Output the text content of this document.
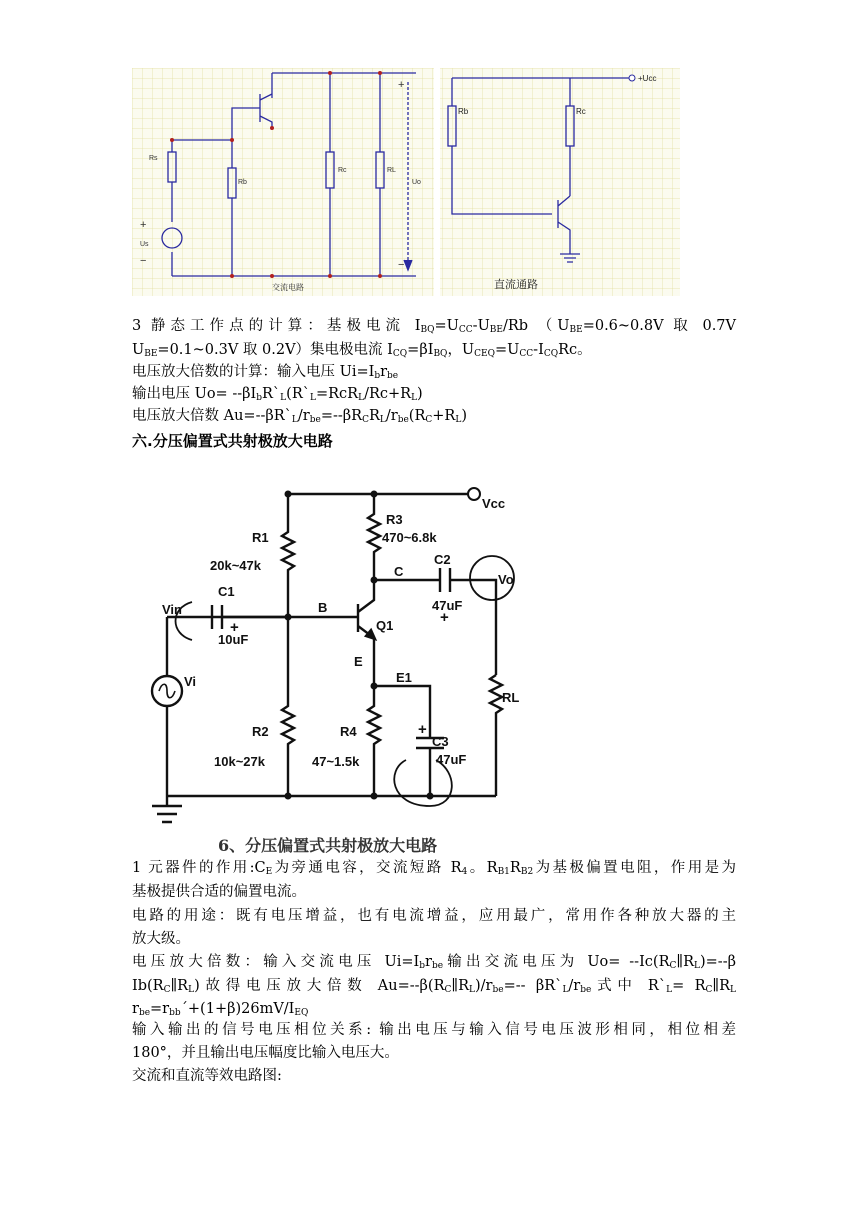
Rs
Rb
Rc	RL
Us
Uo
+
−
+
−
交流电路
+Ucc
Rb	Rc
直流通路
3 静态工作点的计算：基极电流 $I_{BQ}=U_{CC}-U_{BE}/Rb$ （$U_{BE}=0.6\sim 0.8V$ 取 0.7V
$U_{BE}=0.1\sim 0.3V$ 取 0.2V）集电极电流 $I_{CQ}=\beta I_{BQ}$，$U_{CEQ}=U_{CC}-I_{CQ}Rc$。
电压放大倍数的计算：输入电压 $Ui=I_br_{be}$
输出电压 $Uo= --\beta I_bR`_L(R`_L=RcR_L/Rc+R_L)$
电压放大倍数 $Au=--\beta R`_L/r_{be}=--\beta R_CR_L/r_{be}(R_C+R_L)$
六.分压偏置式共射极放大电路
Vcc
R1
20k~47k
R3
470~6.8k
C2
47uF
Vo
C
B
Q1
E
E1
Vin
C1
10uF
+
Vi
R2
10k~27k
R4
47~1.5k
+
C3
47uF
+
RL
6、分压偏置式共射极放大电路
1 元器件的作用$:C_E$为旁通电容，交流短路 $R_4$。$R_{B1}R_{B2}$为基极偏置电阻，作用是为
基极提供合适的偏置电流。
电路的用途：既有电压增益，也有电流增益，应用最广，常用作各种放大器的主
放大级。
电压放大倍数：输入交流电压 $Ui=I_br_{be}$输出交流电压为 $Uo= --Ic(R_C\parallel R_L)=--\beta$
$Ib(R_C\parallel R_L)$故得电压放大倍数 $Au=--\beta(R_C\parallel R_L)/r_{be}=--$ $\beta R`_L/r_{be}$式中 $R`_L=$ $R_C\parallel R_L$
$r_{be}=r_{bb}´+(1+\beta)26mV/I_{EQ}$
输入输出的信号电压相位关系: 输出电压与输入信号电压波形相同，相位相差
180°，并且输出电压幅度比输入电压大。
交流和直流等效电路图:
